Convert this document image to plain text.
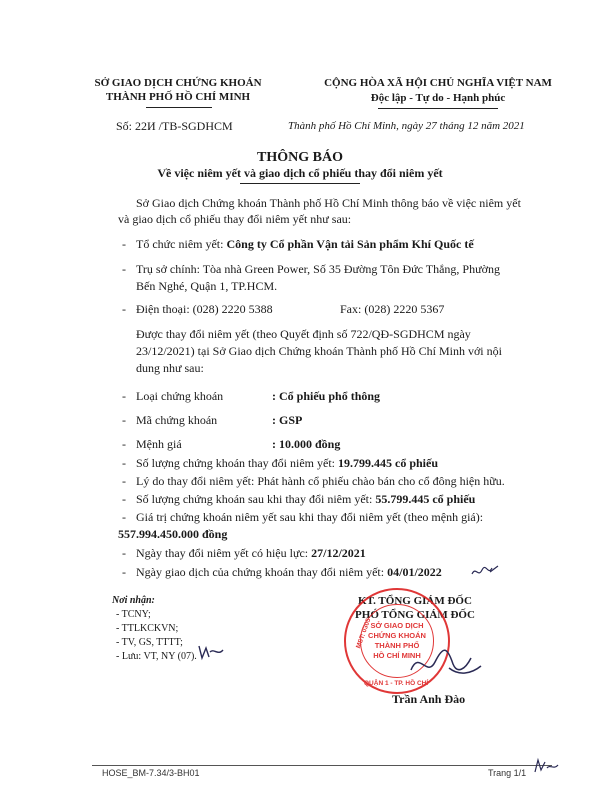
SỞ GIAO DỊCH CHỨNG KHOÁN
THÀNH PHỐ HỒ CHÍ MINH
Số: 22И /TB-SGDHCM
CỘNG HÒA XÃ HỘI CHỦ NGHĨA VIỆT NAM
Độc lập - Tự do - Hạnh phúc
Thành phố Hồ Chí Minh, ngày 27 tháng 12 năm 2021
THÔNG BÁO
Về việc niêm yết và giao dịch cổ phiếu thay đổi niêm yết
Sở Giao dịch Chứng khoán Thành phố Hồ Chí Minh thông báo về việc niêm yết
và giao dịch cổ phiếu thay đổi niêm yết như sau:
- Tổ chức niêm yết: Công ty Cổ phần Vận tải Sản phẩm Khí Quốc tế
- Trụ sở chính: Tòa nhà Green Power, Số 35 Đường Tôn Đức Thắng, Phường
Bến Nghé, Quận 1, TP.HCM.
- Điện thoại: (028) 2220 5388	Fax: (028) 2220 5367
Được thay đổi niêm yết (theo Quyết định số 722/QĐ-SGDHCM ngày
23/12/2021) tại Sở Giao dịch Chứng khoán Thành phố Hồ Chí Minh với nội
dung như sau:
- Loại chứng khoán	: Cổ phiếu phổ thông
- Mã chứng khoán	: GSP
- Mệnh giá	: 10.000 đồng
- Số lượng chứng khoán thay đổi niêm yết: 19.799.445 cổ phiếu
- Lý do thay đổi niêm yết: Phát hành cổ phiếu chào bán cho cổ đông hiện hữu.
- Số lượng chứng khoán sau khi thay đổi niêm yết: 55.799.445 cổ phiếu
- Giá trị chứng khoán niêm yết sau khi thay đổi niêm yết (theo mệnh giá):
557.994.450.000 đồng
- Ngày thay đổi niêm yết có hiệu lực: 27/12/2021
- Ngày giao dịch của chứng khoán thay đổi niêm yết: 04/01/2022
Nơi nhận:
- TCNY;
- TTLKCKVN;
- TV, GS, TTTT;
- Lưu: VT, NY (07).
KT. TỔNG GIÁM ĐỐC
PHÓ TỔNG GIÁM ĐỐC
MST: 0305
QUẬN 1 - TP. HỒ CHÍ
SỞ GIAO DỊCH
CHỨNG KHOÁN
THÀNH PHỐ
HỒ CHÍ MINH
Trần Anh Đào
HOSE_BM-7.34/3-BH01	Trang 1/1
